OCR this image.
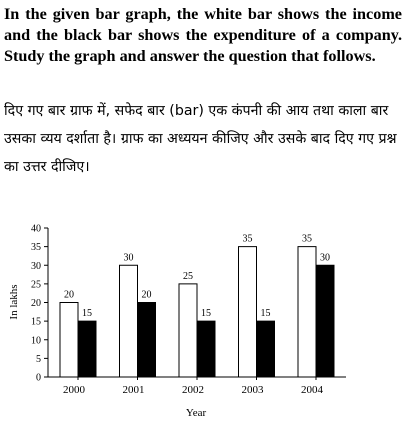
In the given bar graph, the white bar shows the income and the black bar shows the expenditure of a company. Study the graph and answer the question that follows.

दिए गए बार ग्राफ में, सफेद बार (bar) एक कंपनी की आय तथा काला बार उसका व्यय दर्शाता है। ग्राफ का अध्ययन कीजिए और उसके बाद दिए गए प्रश्न का उत्तर दीजिए।

0
5
10
15
20
25
30
35
40
20
15
30
20
25
15
35
15
35
30
2000	2001	2002	2003	2004
In lakhs
Year
